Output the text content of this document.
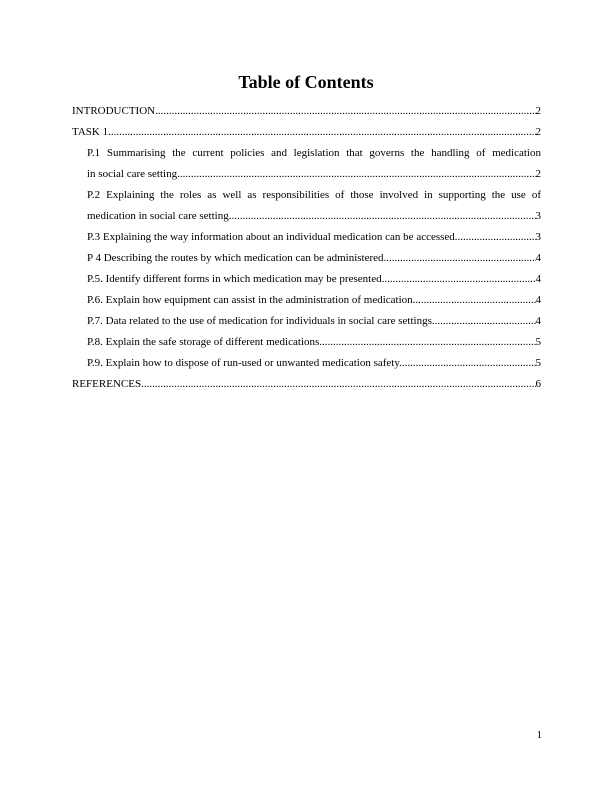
Table of Contents
INTRODUCTION .....	2
TASK 1 .....	2
P.1 Summarising the current policies and legislation that governs the handling of medication
in social care setting .....	2
P.2 Explaining the roles as well as responsibilities of those involved in supporting the use of
medication in social care setting .....	3
P.3 Explaining the way information about an individual medication can be accessed .....	3
P 4 Describing the routes by which medication can be administered .....	4
P.5. Identify different forms in which medication may be presented .....	4
P.6. Explain how equipment can assist in the administration of medication .....	4
P.7. Data related to the use of medication for individuals in social care settings .....	4
P.8. Explain the safe storage of different medications .....	5
P.9. Explain how to dispose of run-used or unwanted medication safety .....	5
REFERENCES .....	6
1
